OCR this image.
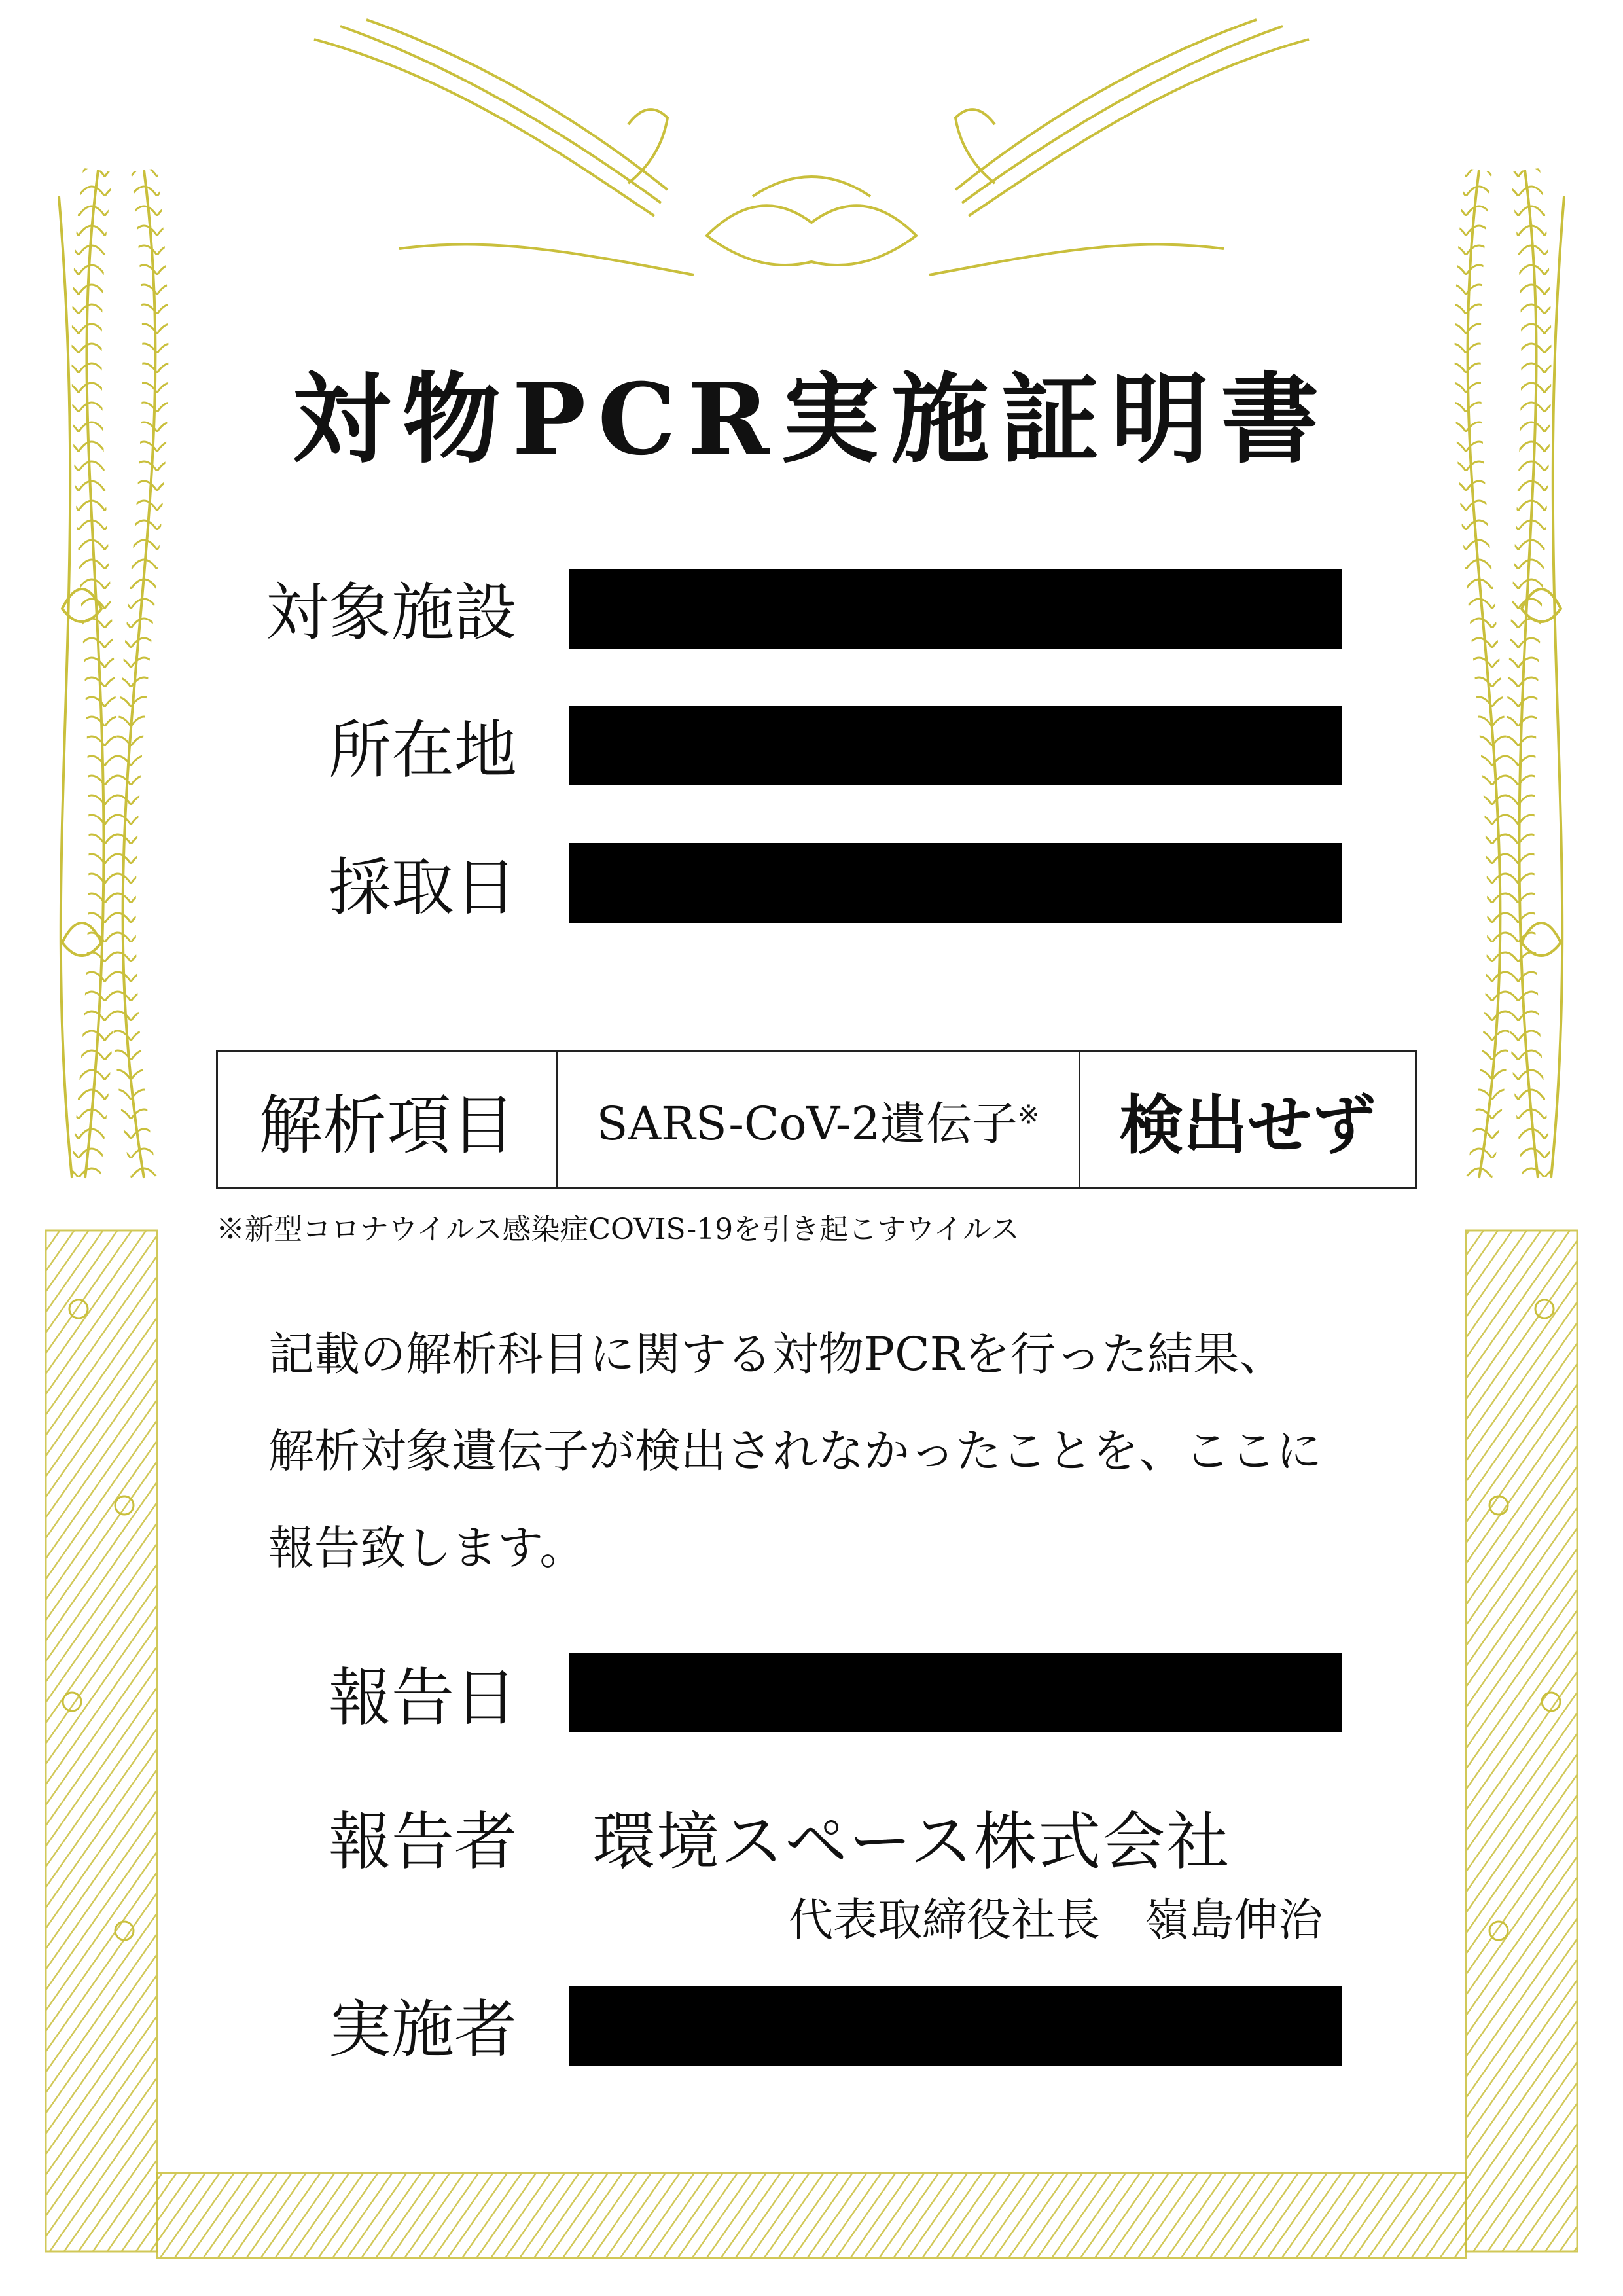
対物PCR実施証明書
対象施設
所在地
採取日
解析項目	SARS-CoV-2遺伝子※	検出せず
※新型コロナウイルス感染症COVIS-19を引き起こすウイルス
記載の解析科目に関する対物PCRを行った結果、
解析対象遺伝子が検出されなかったことを、ここに
報告致します。
報告日
報告者 環境スペース株式会社
代表取締役社長　嶺島伸治
実施者
